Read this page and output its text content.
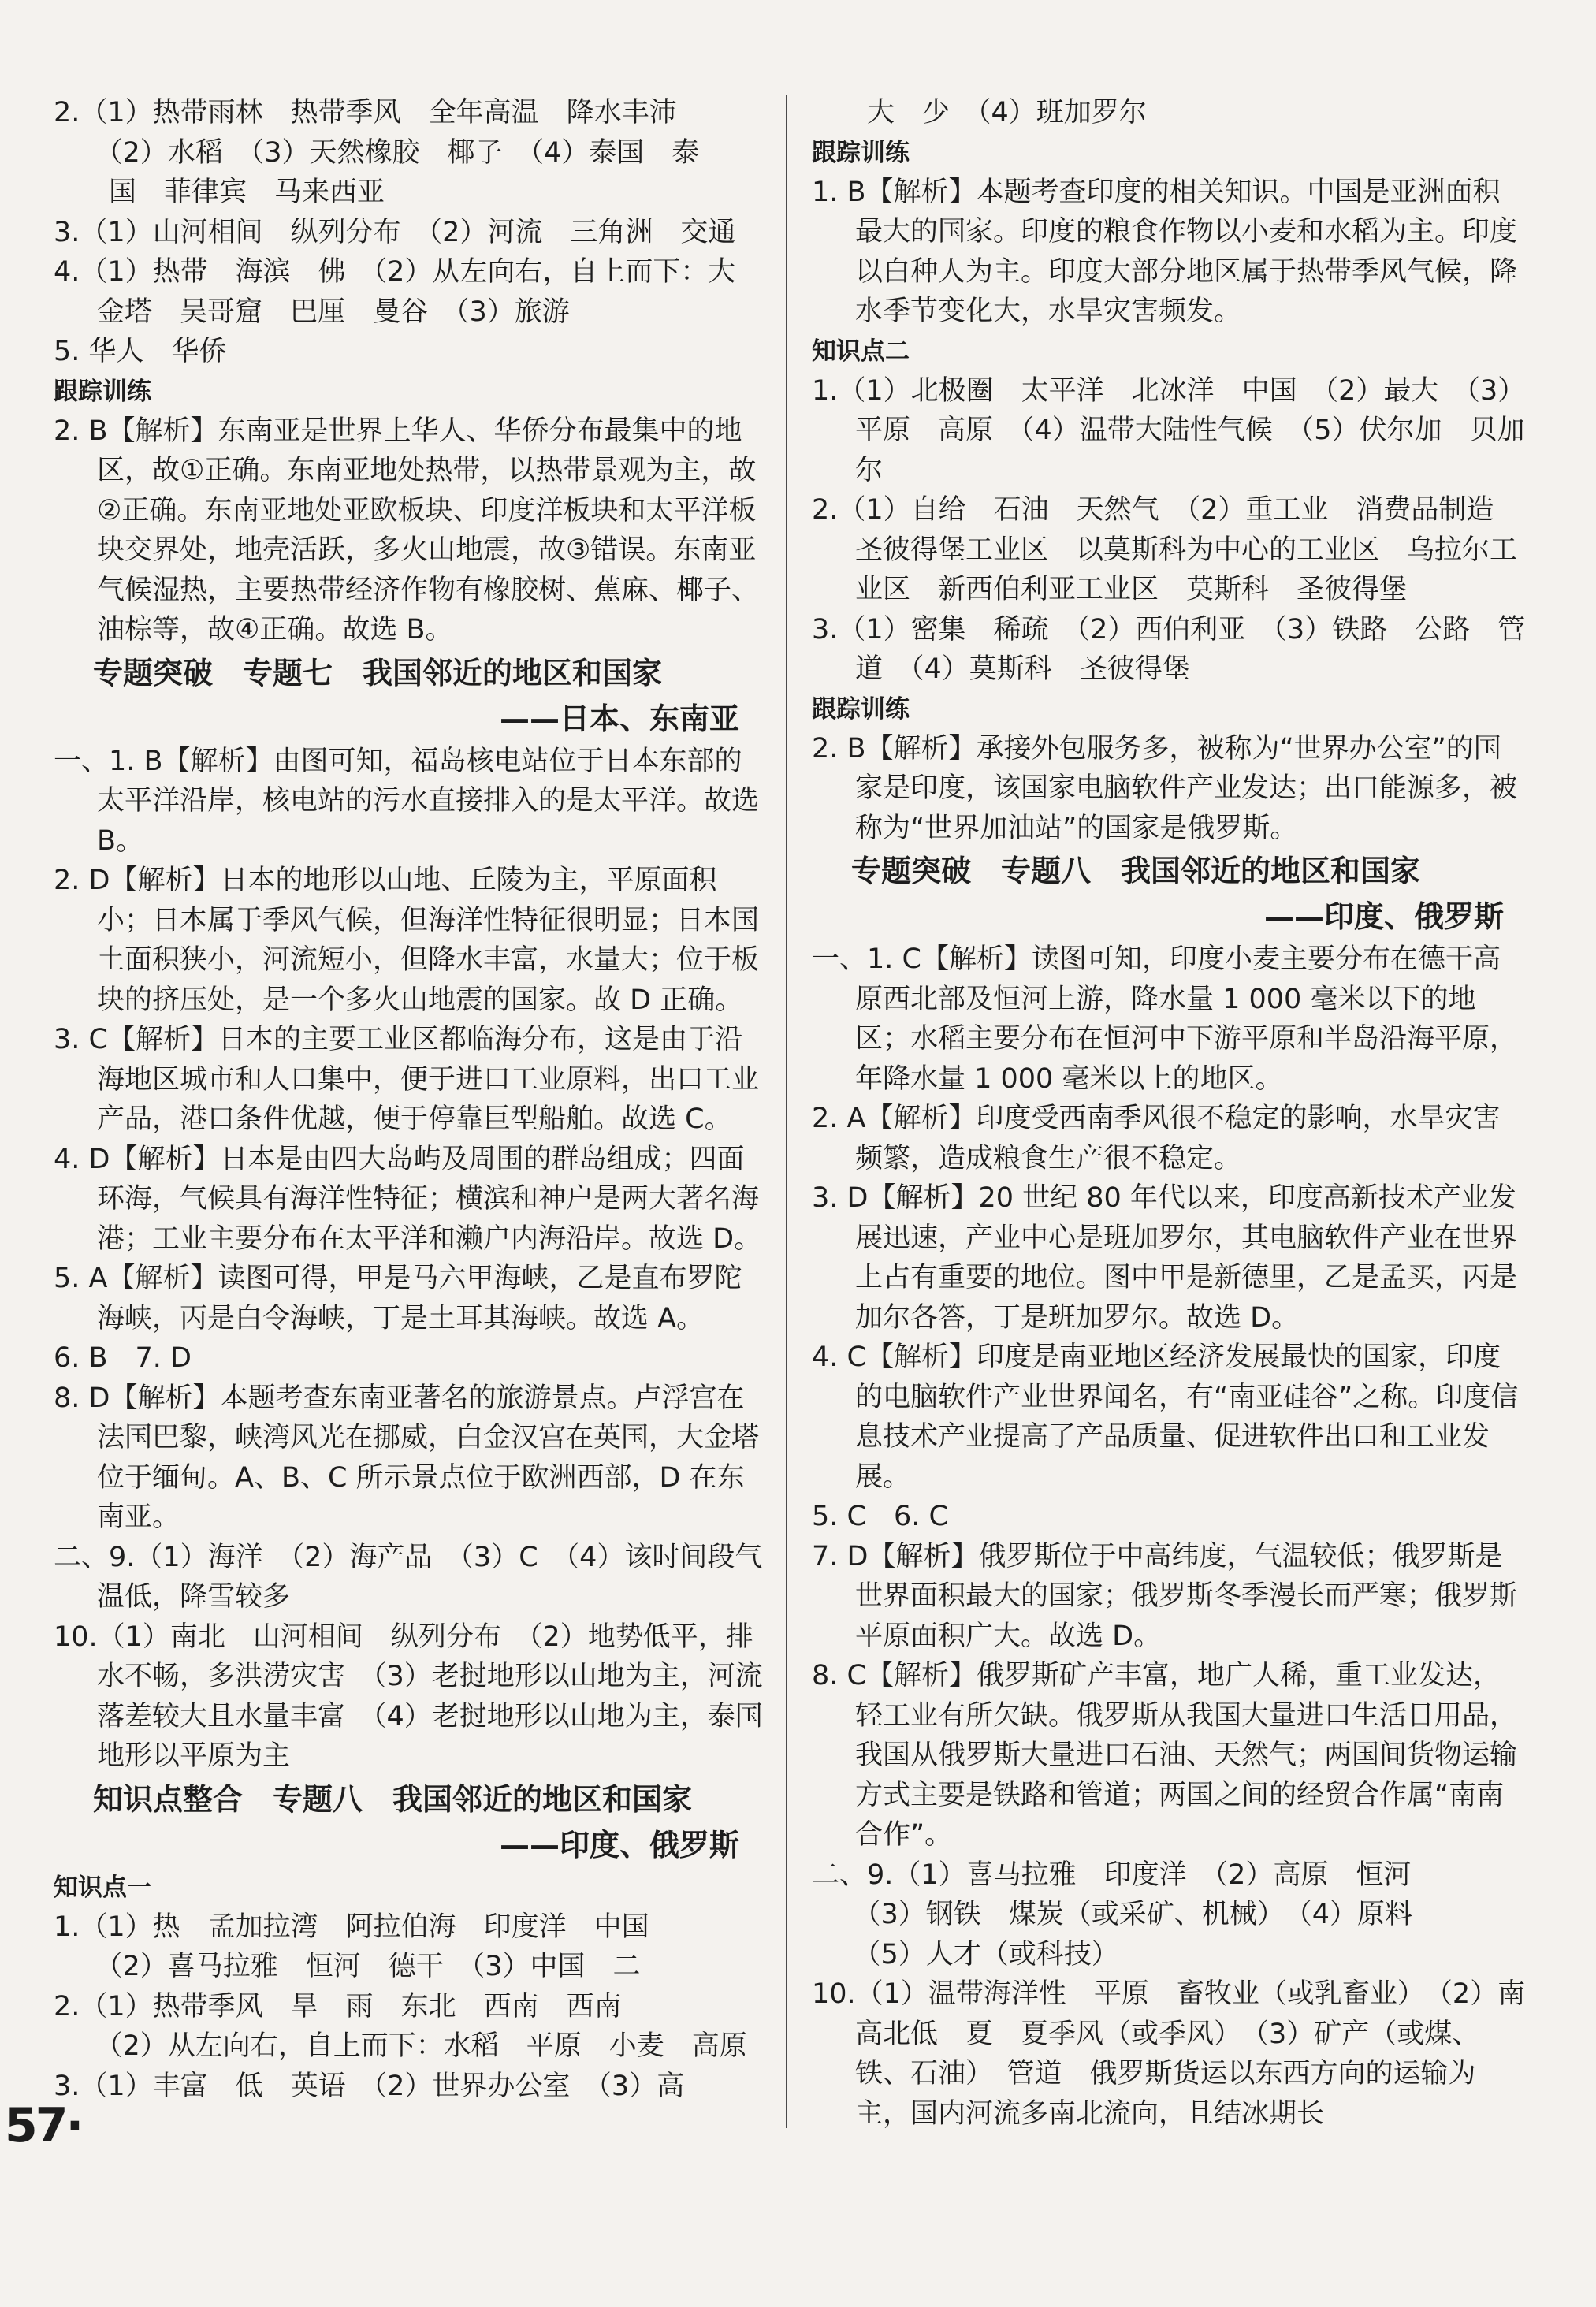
2.（1）热带雨林　热带季风　全年高温　降水丰沛

　　（2）水稻　（3）天然橡胶　椰子　（4）泰国　泰

　　国　菲律宾　马来西亚

3.（1）山河相间　纵列分布　（2）河流　三角洲　交通

4.（1）热带　海滨　佛　（2）从左向右，自上而下：大金塔　吴哥窟　巴厘　曼谷　（3）旅游

5. 华人　华侨

跟踪训练

2. B【解析】东南亚是世界上华人、华侨分布最集中的地区，故①正确。东南亚地处热带，以热带景观为主，故②正确。东南亚地处亚欧板块、印度洋板块和太平洋板块交界处，地壳活跃，多火山地震，故③错误。东南亚气候湿热，主要热带经济作物有橡胶树、蕉麻、椰子、油棕等，故④正确。故选 B。

专题突破　专题七　我国邻近的地区和国家

——日本、东南亚

一、1. B【解析】由图可知，福岛核电站位于日本东部的太平洋沿岸，核电站的污水直接排入的是太平洋。故选 B。

2. D【解析】日本的地形以山地、丘陵为主，平原面积小；日本属于季风气候，但海洋性特征很明显；日本国土面积狭小，河流短小，但降水丰富，水量大；位于板块的挤压处，是一个多火山地震的国家。故 D 正确。

3. C【解析】日本的主要工业区都临海分布，这是由于沿海地区城市和人口集中，便于进口工业原料，出口工业产品，港口条件优越，便于停靠巨型船舶。故选 C。

4. D【解析】日本是由四大岛屿及周围的群岛组成；四面环海，气候具有海洋性特征；横滨和神户是两大著名海港；工业主要分布在太平洋和濑户内海沿岸。故选 D。

5. A【解析】读图可得，甲是马六甲海峡，乙是直布罗陀海峡，丙是白令海峡，丁是土耳其海峡。故选 A。

6. B　7. D

8. D【解析】本题考查东南亚著名的旅游景点。卢浮宫在法国巴黎，峡湾风光在挪威，白金汉宫在英国，大金塔位于缅甸。A、B、C 所示景点位于欧洲西部，D 在东南亚。

二、9.（1）海洋　（2）海产品　（3）C　（4）该时间段气温低，降雪较多

10.（1）南北　山河相间　纵列分布　（2）地势低平，排水不畅，多洪涝灾害　（3）老挝地形以山地为主，河流落差较大且水量丰富　（4）老挝地形以山地为主，泰国地形以平原为主

知识点整合　专题八　我国邻近的地区和国家

——印度、俄罗斯

知识点一

1.（1）热　孟加拉湾　阿拉伯海　印度洋　中国

　　（2）喜马拉雅　恒河　德干　（3）中国　二

2.（1）热带季风　旱　雨　东北　西南　西南

　　（2）从左向右，自上而下：水稻　平原　小麦　高原

3.（1）丰富　低　英语　（2）世界办公室　（3）高

　　大　少　（4）班加罗尔

跟踪训练

1. B【解析】本题考查印度的相关知识。中国是亚洲面积最大的国家。印度的粮食作物以小麦和水稻为主。印度以白种人为主。印度大部分地区属于热带季风气候，降水季节变化大，水旱灾害频发。

知识点二

1.（1）北极圈　太平洋　北冰洋　中国　（2）最大　（3）平原　高原　（4）温带大陆性气候　（5）伏尔加　贝加尔

2.（1）自给　石油　天然气　（2）重工业　消费品制造　圣彼得堡工业区　以莫斯科为中心的工业区　乌拉尔工业区　新西伯利亚工业区　莫斯科　圣彼得堡

3.（1）密集　稀疏　（2）西伯利亚　（3）铁路　公路　管道　（4）莫斯科　圣彼得堡

跟踪训练

2. B【解析】承接外包服务多，被称为“世界办公室”的国家是印度，该国家电脑软件产业发达；出口能源多，被称为“世界加油站”的国家是俄罗斯。

专题突破　专题八　我国邻近的地区和国家

——印度、俄罗斯

一、1. C【解析】读图可知，印度小麦主要分布在德干高原西北部及恒河上游，降水量 1 000 毫米以下的地区；水稻主要分布在恒河中下游平原和半岛沿海平原，年降水量 1 000 毫米以上的地区。

2. A【解析】印度受西南季风很不稳定的影响，水旱灾害频繁，造成粮食生产很不稳定。

3. D【解析】20 世纪 80 年代以来，印度高新技术产业发展迅速，产业中心是班加罗尔，其电脑软件产业在世界上占有重要的地位。图中甲是新德里，乙是孟买，丙是加尔各答，丁是班加罗尔。故选 D。

4. C【解析】印度是南亚地区经济发展最快的国家，印度的电脑软件产业世界闻名，有“南亚硅谷”之称。印度信息技术产业提高了产品质量、促进软件出口和工业发展。

5. C　6. C

7. D【解析】俄罗斯位于中高纬度，气温较低；俄罗斯是世界面积最大的国家；俄罗斯冬季漫长而严寒；俄罗斯平原面积广大。故选 D。

8. C【解析】俄罗斯矿产丰富，地广人稀，重工业发达，轻工业有所欠缺。俄罗斯从我国大量进口生活日用品，我国从俄罗斯大量进口石油、天然气；两国间货物运输方式主要是铁路和管道；两国之间的经贸合作属“南南合作”。

二、9.（1）喜马拉雅　印度洋　（2）高原　恒河

　　（3）钢铁　煤炭（或采矿、机械）　（4）原料

　　（5）人才（或科技）

10.（1）温带海洋性　平原　畜牧业（或乳畜业）　（2）南高北低　夏　夏季风（或季风）　（3）矿产（或煤、铁、石油）　管道　俄罗斯货运以东西方向的运输为主，国内河流多南北流向，且结冰期长

57·
